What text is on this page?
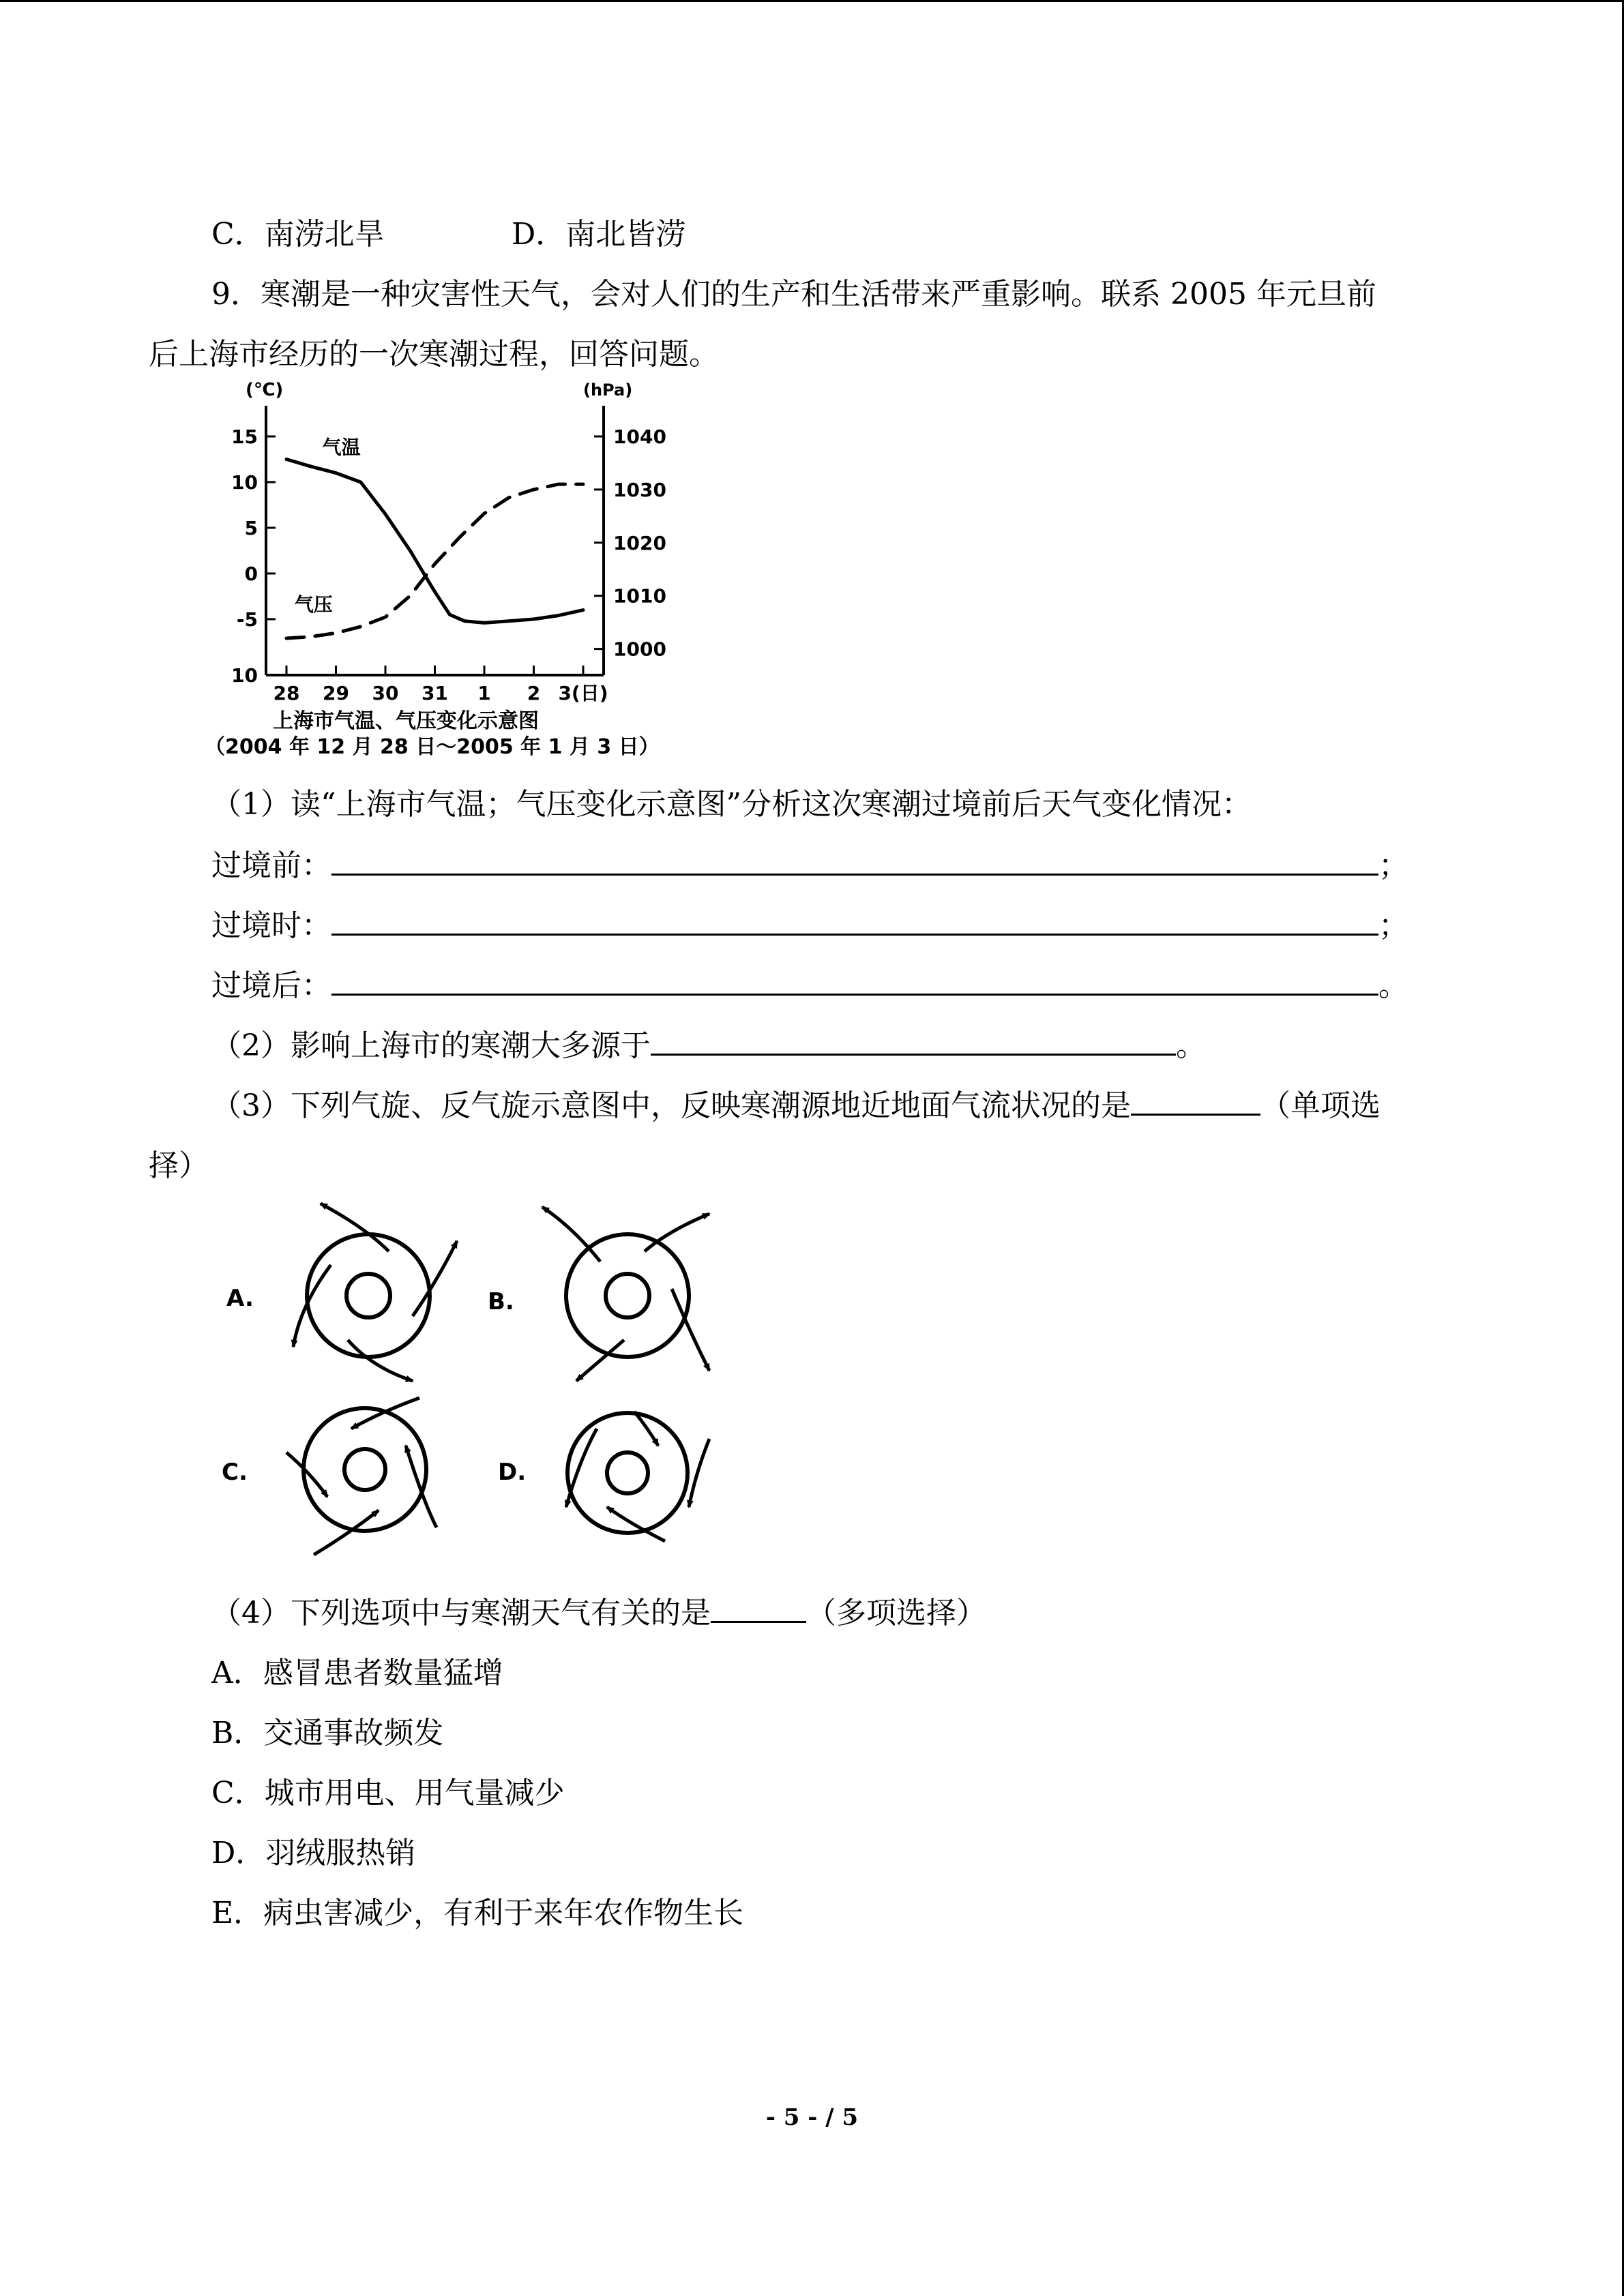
C．南涝北旱	D．南北皆涝
9．寒潮是一种灾害性天气，会对人们的生产和生活带来严重影响。联系 2005 年元旦前
后上海市经历的一次寒潮过程，回答问题。
(℃)	(hPa)
15
10
5
0
-5
10
1040
1030
1020
1010
1000
28 29 30 31 1 2 3(日)
气温
气压
上海市气温、气压变化示意图
（2004 年 12 月 28 日～2005 年 1 月 3 日）
（1）读“上海市气温；气压变化示意图”分析这次寒潮过境前后天气变化情况：
过境前：	；
过境时：	；
过境后：	。
（2）影响上海市的寒潮大多源于	。
（3）下列气旋、反气旋示意图中，反映寒潮源地近地面气流状况的是	（单项选
择）
A.	B.
C.	D.
（4）下列选项中与寒潮天气有关的是	（多项选择）
A．感冒患者数量猛增
B．交通事故频发
C．城市用电、用气量减少
D．羽绒服热销
E．病虫害减少，有利于来年农作物生长
- 5 - / 5
